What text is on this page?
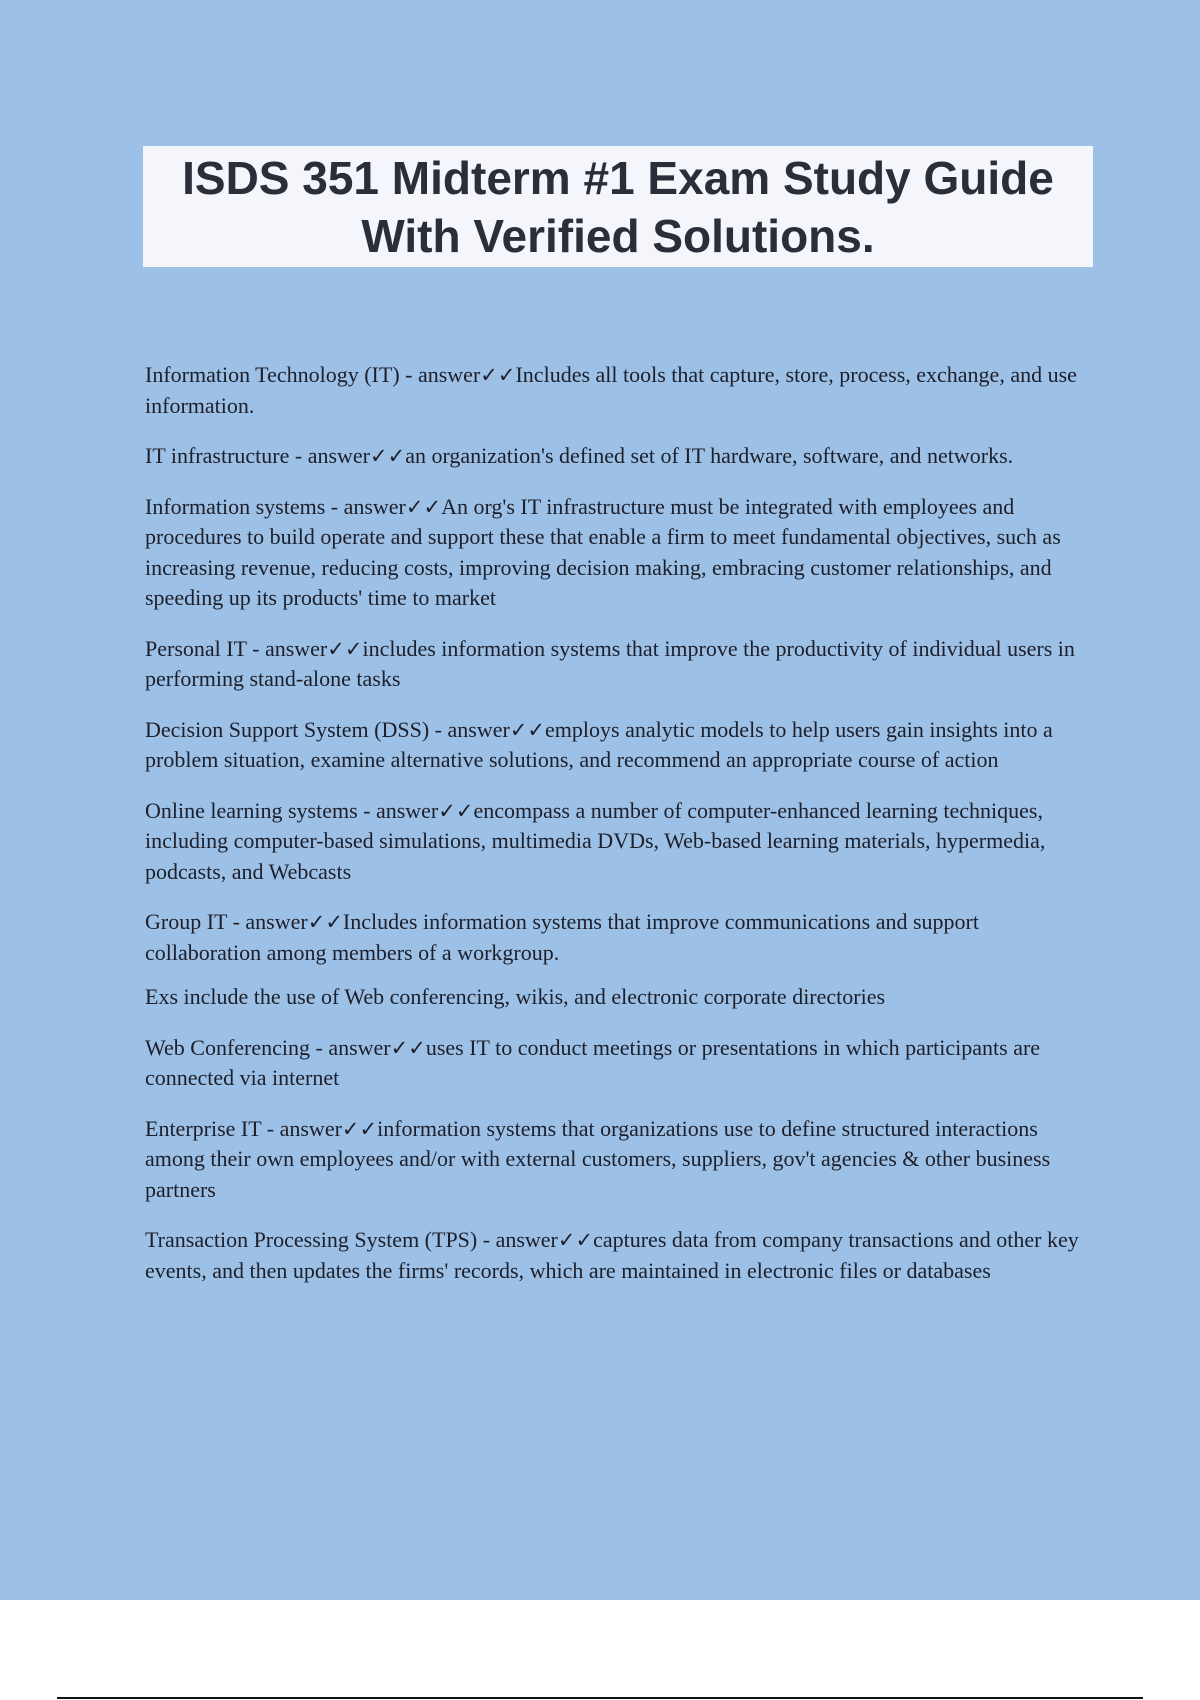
ISDS 351 Midterm #1 Exam Study Guide
With Verified Solutions.

Information Technology (IT) - answer✓✓Includes all tools that capture, store, process, exchange, and use information.

IT infrastructure - answer✓✓an organization's defined set of IT hardware, software, and networks.

Information systems - answer✓✓An org's IT infrastructure must be integrated with employees and procedures to build operate and support these that enable a firm to meet fundamental objectives, such as increasing revenue, reducing costs, improving decision making, embracing customer relationships, and speeding up its products' time to market

Personal IT - answer✓✓includes information systems that improve the productivity of individual users in performing stand-alone tasks

Decision Support System (DSS) - answer✓✓employs analytic models to help users gain insights into a problem situation, examine alternative solutions, and recommend an appropriate course of action

Online learning systems - answer✓✓encompass a number of computer-enhanced learning techniques, including computer-based simulations, multimedia DVDs, Web-based learning materials, hypermedia, podcasts, and Webcasts

Group IT - answer✓✓Includes information systems that improve communications and support collaboration among members of a workgroup.

Exs include the use of Web conferencing, wikis, and electronic corporate directories

Web Conferencing - answer✓✓uses IT to conduct meetings or presentations in which participants are connected via internet

Enterprise IT - answer✓✓information systems that organizations use to define structured interactions among their own employees and/or with external customers, suppliers, gov't agencies & other business partners

Transaction Processing System (TPS) - answer✓✓captures data from company transactions and other key events, and then updates the firms' records, which are maintained in electronic files or databases
